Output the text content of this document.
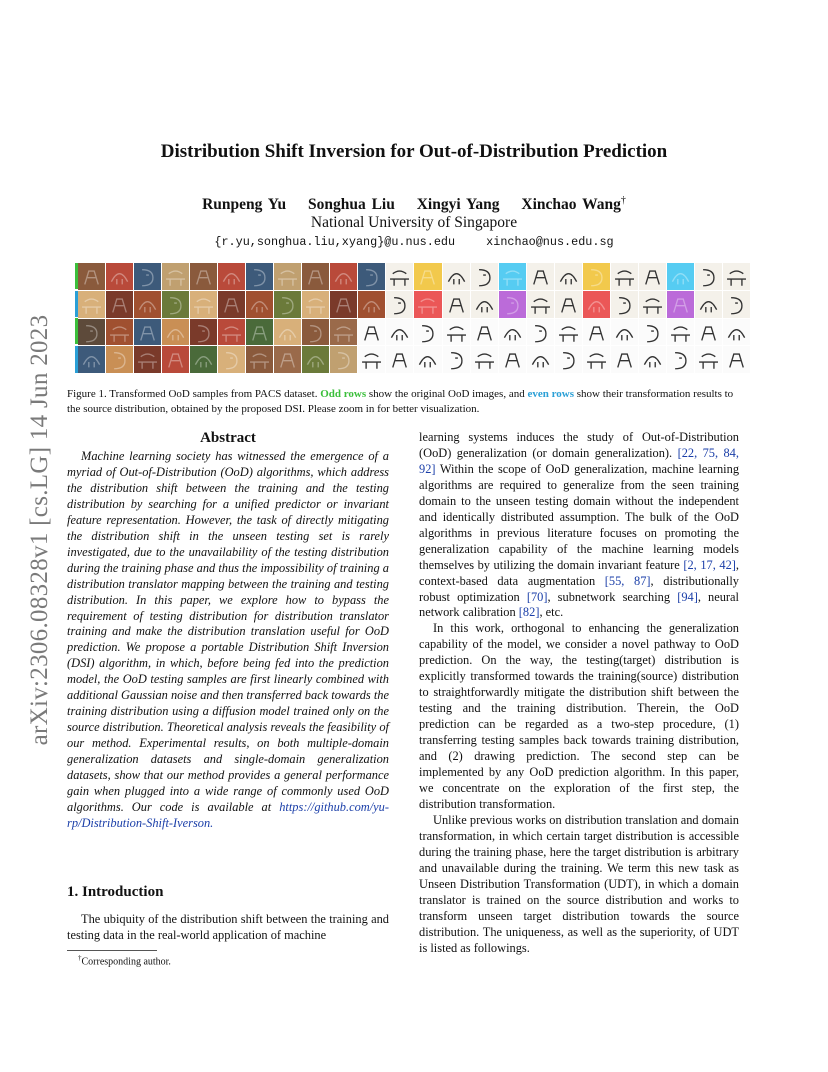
arXiv:2306.08328v1 [cs.LG] 14 Jun 2023
Distribution Shift Inversion for Out-of-Distribution Prediction
Runpeng Yu Songhua Liu Xingyi Yang Xinchao Wang†
National University of Singapore
{r.yu,songhua.liu,xyang}@u.nus.edu	xinchao@nus.edu.sg
Figure 1. Transformed OoD samples from PACS dataset. Odd rows show the original OoD images, and even rows show their transformation results to the source distribution, obtained by the proposed DSI. Please zoom in for better visualization.
Abstract
Machine learning society has witnessed the emergence of a myriad of Out-of-Distribution (OoD) algorithms, which address the distribution shift between the training and the testing distribution by searching for a unified predictor or invariant feature representation. However, the task of directly mitigating the distribution shift in the unseen testing set is rarely investigated, due to the unavailability of the testing distribution during the training phase and thus the impossibility of training a distribution translator mapping between the training and testing distribution. In this paper, we explore how to bypass the requirement of testing distribution for distribution translator training and make the distribution translation useful for OoD prediction. We propose a portable Distribution Shift Inversion (DSI) algorithm, in which, before being fed into the prediction model, the OoD testing samples are first linearly combined with additional Gaussian noise and then transferred back towards the training distribution using a diffusion model trained only on the source distribution. Theoretical analysis reveals the feasibility of our method. Experimental results, on both multiple-domain generalization datasets and single-domain generalization datasets, show that our method provides a general performance gain when plugged into a wide range of commonly used OoD algorithms. Our code is available at https://github.com/yu-rp/Distribution-Shift-Iverson.
1. Introduction
The ubiquity of the distribution shift between the training and testing data in the real-world application of machine
†Corresponding author.

learning systems induces the study of Out-of-Distribution (OoD) generalization (or domain generalization). [22, 75, 84, 92] Within the scope of OoD generalization, machine learning algorithms are required to generalize from the seen training domain to the unseen testing domain without the independent and identically distributed assumption. The bulk of the OoD algorithms in previous literature focuses on promoting the generalization capability of the machine learning models themselves by utilizing the domain invariant feature [2, 17, 42], context-based data augmentation [55, 87], distributionally robust optimization [70], subnetwork searching [94], neural network calibration [82], etc.

In this work, orthogonal to enhancing the generalization capability of the model, we consider a novel pathway to OoD prediction. On the way, the testing(target) distribution is explicitly transformed towards the training(source) distribution to straightforwardly mitigate the distribution shift between the testing and the training distribution. Therein, the OoD prediction can be regarded as a two-step procedure, (1) transferring testing samples back towards training distribution, and (2) drawing prediction. The second step can be implemented by any OoD prediction algorithm. In this paper, we concentrate on the exploration of the first step, the distribution transformation.

Unlike previous works on distribution translation and domain transformation, in which certain target distribution is accessible during the training phase, here the target distribution is arbitrary and unavailable during the training. We term this new task as Unseen Distribution Transformation (UDT), in which a domain translator is trained on the source distribution and works to transform unseen target distribution towards the source distribution. The uniqueness, as well as the superiority, of UDT is listed as followings.
